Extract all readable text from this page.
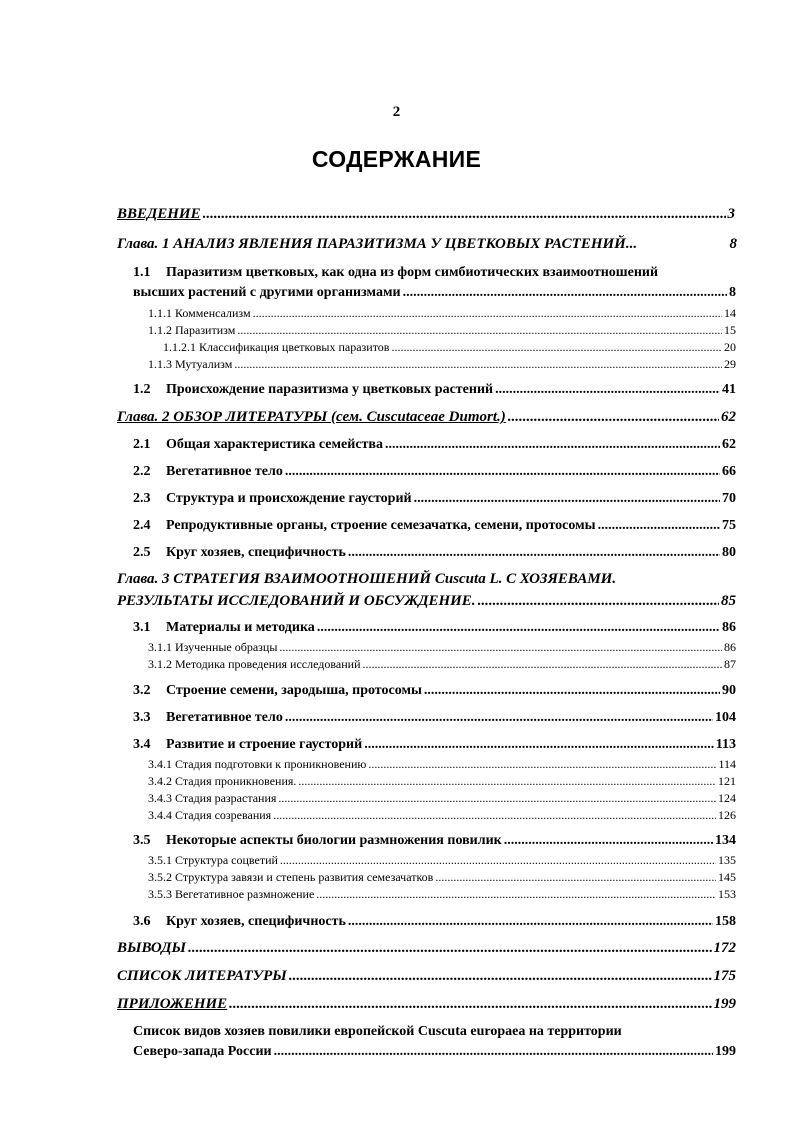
2
СОДЕРЖАНИЕ
ВВЕДЕНИЕ .....	3
Глава. 1 АНАЛИЗ ЯВЛЕНИЯ ПАРАЗИТИЗМА У ЦВЕТКОВЫХ РАСТЕНИЙ...	8
1.1 Паразитизм цветковых, как одна из форм симбиотических взаимоотношений
высших растений с другими организмами .....	8
1.1.1 Комменсализм .....	14
1.1.2 Паразитизм .....	15
1.1.2.1 Классификация цветковых паразитов .....	20
1.1.3 Мутуализм .....	29
1.2	Происхождение паразитизма у цветковых растений .....	41
Глава. 2 ОБЗОР ЛИТЕРАТУРЫ (сем. Cuscutaceae Dumort.) .....	62
2.1	Общая характеристика семейства .....	62
2.2	Вегетативное тело .....	66
2.3	Структура и происхождение гаусторий .....	70
2.4	Репродуктивные органы, строение семезачатка, семени, протосомы .....	75
2.5	Круг хозяев, специфичность .....	80
Глава. 3 СТРАТЕГИЯ ВЗАИМООТНОШЕНИЙ Cuscuta L. С ХОЗЯЕВАМИ.
РЕЗУЛЬТАТЫ ИССЛЕДОВАНИЙ И ОБСУЖДЕНИЕ. .....	85
3.1	Материалы и методика .....	86
3.1.1 Изученные образцы .....	86
3.1.2 Методика проведения исследований .....	87
3.2	Строение семени, зародыша, протосомы .....	90
3.3	Вегетативное тело .....	104
3.4	Развитие и строение гаусторий .....	113
3.4.1 Стадия подготовки к проникновению .....	114
3.4.2 Стадия проникновения. .....	121
3.4.3 Стадия разрастания .....	124
3.4.4 Стадия созревания .....	126
3.5	Некоторые аспекты биологии размножения повилик .....	134
3.5.1 Структура соцветий .....	135
3.5.2 Структура завязи и степень развития семезачатков .....	145
3.5.3 Вегетативное размножение .....	153
3.6	Круг хозяев, специфичность .....	158
ВЫВОДЫ .....	172
СПИСОК ЛИТЕРАТУРЫ .....	175
ПРИЛОЖЕНИЕ .....	199
Список видов хозяев повилики европейской Cuscuta europaea на территории
Северо-запада России .....	199
